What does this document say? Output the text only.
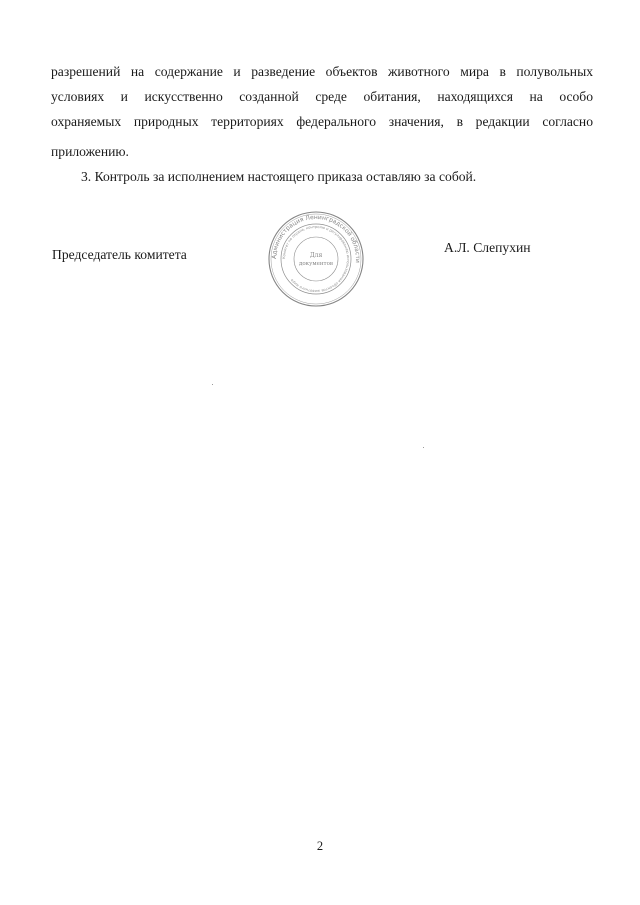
разрешений на содержание и разведение объектов животного мира в полувольных
условиях и искусственно созданной среде обитания, находящихся на особо
охраняемых природных территориях федерального значения, в редакции согласно
приложению.
3. Контроль за исполнением настоящего приказа оставляю за собой.
Председатель комитета	Администрация Ленинградской области
Комитет по охране, контролю и регулированию использования объектов животного мира
Для
документов
А.Л. Слепухин
2
